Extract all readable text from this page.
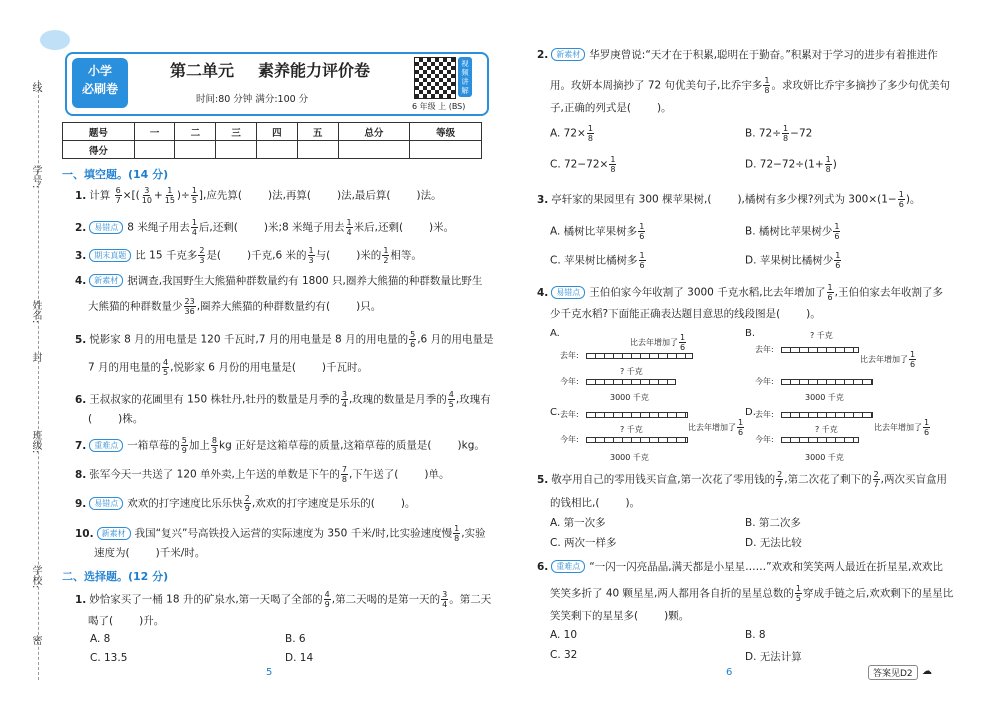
线
学号:
姓名:
封
班级:
学校:
密
小学
必刷卷
第二单元 素养能力评价卷
时间:80 分钟 满分:100 分
视频讲解
6 年级 上 (BS)
题号	一	二	三	四	五	总分	等级
得分							
一、填空题。(14 分)
1. 计算 $\frac{6}{7}$ ×[( $\frac{3}{10} + \frac{1}{15}$ )÷ $\frac{1}{5}$ ],应先算( )法,再算( )法,最后算( )法。
2. 易错点 8 米绳子用去 $\frac{1}{4}$ 后,还剩( )米;8 米绳子用去 $\frac{1}{4}$ 米后,还剩( )米。
3. 期末真题 比 15 千克多 $\frac{2}{3}$ 是( )千克,6 米的 $\frac{1}{3}$ 与( )米的 $\frac{1}{2}$ 相等。
4. 新素材 据调查,我国野生大熊猫种群数量约有 1800 只,圈养大熊猫的种群数量比野生
大熊猫的种群数量少 $\frac{23}{36}$ ,圈养大熊猫的种群数量约有( )只。
5. 悦影家 8 月的用电量是 120 千瓦时,7 月的用电量是 8 月的用电量的 $\frac{5}{6} ,6$ 月的用电量是
7 月的用电量的 $\frac{4}{5}$ ,悦影家 6 月份的用电量是( )千瓦时。
6. 王叔叔家的花圃里有 150 株牡丹,牡丹的数量是月季的 $\frac{3}{4}$ ,玫瑰的数量是月季的 $\frac{4}{5}$ ,玫瑰有
( )株。
7. 重难点 一箱草莓的 $\frac{5}{9}$ 加上 $\frac{8}{3}$ kg 正好是这箱草莓的质量,这箱草莓的质量是( )kg。
8. 张军今天一共送了 120 单外卖,上午送的单数是下午的 $\frac{7}{8}$ ,下午送了( )单。
9. 易错点 欢欢的打字速度比乐乐快 $\frac{2}{9}$ ,欢欢的打字速度是乐乐的( )。
10. 新素材 我国“复兴”号高铁投入运营的实际速度为 350 千米/时,比实验速度慢 $\frac{1}{8}$ ,实验
速度为( )千米/时。
二、选择题。(12 分)
1. 妙恰家买了一桶 18 升的矿泉水,第一天喝了全部的 $\frac{4}{9}$ ,第二天喝的是第一天的 $\frac{3}{4}$ 。第二天
喝了( )升。
A. 8	B. 6
C. 13.5	D. 14
5
2. 新素材 华罗庚曾说:“天才在于积累,聪明在于勤奋。”积累对于学习的进步有着推进作
用。玫妍本周摘抄了 72 句优美句子,比乔宇多 $\frac{1}{8}$ 。求玫妍比乔宇多摘抄了多少句优美句
子,正确的列式是( )。
A. $72\times \frac{1}{8}$	B. $72\div \frac{1}{8} -72$
C. $72-72\times \frac{1}{8}$	D. $72-72\div(1+ \frac{1}{8}$ )
3. 亭轩家的果园里有 300 棵苹果树,( ),橘树有多少棵?列式为 $300\times(1- \frac{1}{6}$ )。
A. 橘树比苹果树多 $\frac{1}{6}$	B. 橘树比苹果树少 $\frac{1}{6}$
C. 苹果树比橘树多 $\frac{1}{6}$	D. 苹果树比橘树少 $\frac{1}{6}$
4. 易错点 王伯伯家今年收割了 3000 千克水稻,比去年增加了 $\frac{1}{6}$ ,王伯伯家去年收割了多
少千克水稻?下面能正确表达题目意思的线段图是( )。
A.
比去年增加了 $\frac{1}{6}$
去年:
今年:
? 千克
3000 千克
B.	? 千克
去年:
比去年增加了 $\frac{1}{6}$
今年:
3000 千克
C. 去年:
比去年增加了 $\frac{1}{6}$
? 千克
今年:
3000 千克
D. 去年:
比去年增加了 $\frac{1}{6}$
? 千克
今年:
3000 千克
5. 敬亭用自己的零用钱买盲盒,第一次花了零用钱的 $\frac{2}{7}$ ,第二次花了剩下的 $\frac{2}{7}$ ,两次买盲盒用
的钱相比,( )。
A. 第一次多	B. 第二次多
C. 两次一样多	D. 无法比较
6. 重难点 “一闪一闪亮晶晶,满天都是小星星……”欢欢和笑笑两人最近在折星星,欢欢比
笑笑多折了 40 颗星星,两人都用各自折的星星总数的 $\frac{1}{5}$ 穿成手链之后,欢欢剩下的星星比
笑笑剩下的星星多( )颗。
A. 10	B. 8
C. 32	D. 无法计算
6	答案见D2 ☁
